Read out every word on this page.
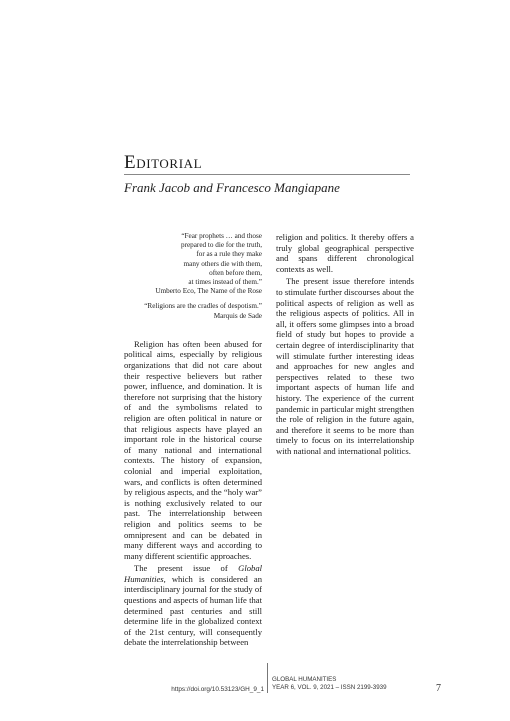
Editorial
Frank Jacob and Francesco Mangiapane
“Fear prophets … and those
prepared to die for the truth,
for as a rule they make
many others die with them,
often before them,
at times instead of them.”
Umberto Eco, The Name of the Rose
“Religions are the cradles of despotism.”
Marquis de Sade

Religion has often been abused for political aims, especially by religious organizations that did not care about their respective believers but rather power, influence, and domination. It is therefore not surprising that the history of and the symbolisms related to religion are often political in nature or that religious aspects have played an important role in the historical course of many national and international contexts. The history of expansion, colonial and imperial exploitation, wars, and conflicts is often determined by religious aspects, and the “holy war” is nothing exclusively related to our past. The interrelationship between religion and politics seems to be omnipresent and can be debated in many different ways and according to many different scientific approaches.

The present issue of Global Humanities, which is considered an interdisciplinary journal for the study of questions and aspects of human life that determined past centuries and still determine life in the globalized context of the 21st century, will consequently debate the interrelationship between

religion and politics. It thereby offers a truly global geographical perspective and spans different chronological contexts as well.

The present issue therefore intends to stimulate further discourses about the political aspects of religion as well as the religious aspects of politics. All in all, it offers some glimpses into a broad field of study but hopes to provide a certain degree of interdisciplinarity that will stimulate further interesting ideas and approaches for new angles and perspectives related to these two important aspects of human life and history. The experience of the current pandemic in particular might strengthen the role of religion in the future again, and therefore it seems to be more than timely to focus on its interrelationship with national and international politics.

https://doi.org/10.53123/GH_9_1
GLOBAL HUMANITIES
YEAR 6, VOL. 9, 2021 – ISSN 2199-3939	7
